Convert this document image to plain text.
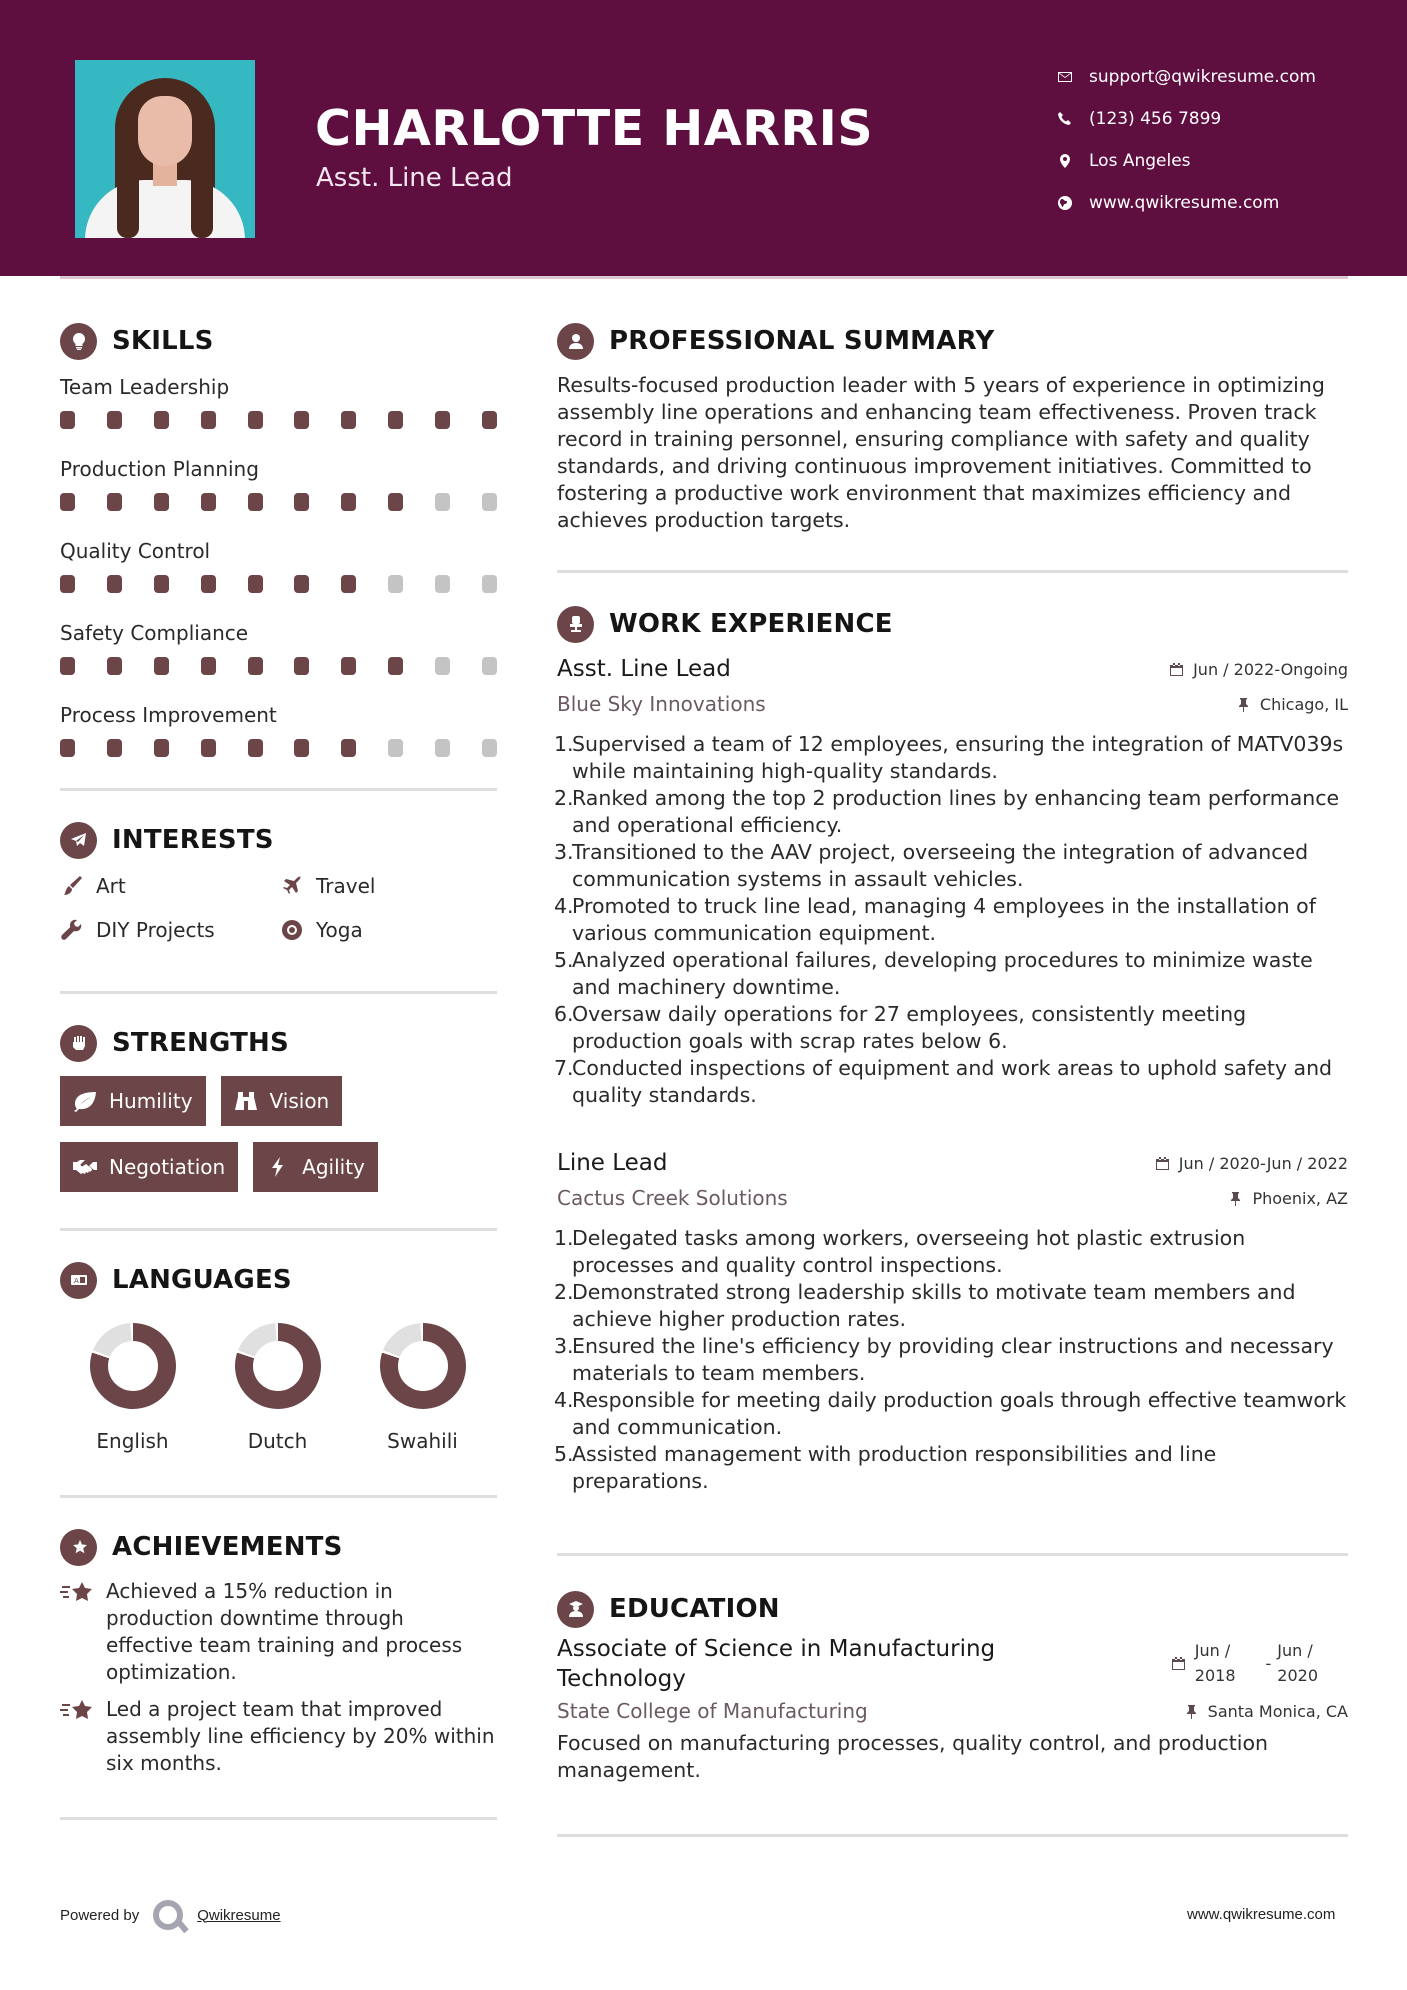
CHARLOTTE HARRIS
Asst. Line Lead
support@qwikresume.com
(123) 456 7899
Los Angeles
www.qwikresume.com
SKILLS
Team Leadership
Production Planning
Quality Control
Safety Compliance
Process Improvement
INTERESTS
Art	Travel
DIY Projects	Yoga
STRENGTHS
Humility	Vision
Negotiation	Agility
A LANGUAGES
English	Dutch	Swahili
ACHIEVEMENTS
Achieved a 15% reduction in production downtime through effective team training and process optimization.
Led a project team that improved assembly line efficiency by 20% within six months.
PROFESSIONAL SUMMARY

Results-focused production leader with 5 years of experience in optimizing assembly line operations and enhancing team effectiveness. Proven track record in training personnel, ensuring compliance with safety and quality standards, and driving continuous improvement initiatives. Committed to fostering a productive work environment that maximizes efficiency and achieves production targets.

WORK EXPERIENCE
Asst. Line Lead	Jun / 2022-Ongoing
Blue Sky Innovations	Chicago, IL
1.
Supervised a team of 12 employees, ensuring the integration of MATV039s while maintaining high-quality standards.
2.
Ranked among the top 2 production lines by enhancing team performance and operational efficiency.
3.
Transitioned to the AAV project, overseeing the integration of advanced communication systems in assault vehicles.
4.
Promoted to truck line lead, managing 4 employees in the installation of various communication equipment.
5.
Analyzed operational failures, developing procedures to minimize waste and machinery downtime.
6.
Oversaw daily operations for 27 employees, consistently meeting production goals with scrap rates below 6.
7.
Conducted inspections of equipment and work areas to uphold safety and quality standards.
Line Lead	Jun / 2020-Jun / 2022
Cactus Creek Solutions	Phoenix, AZ
1.
Delegated tasks among workers, overseeing hot plastic extrusion processes and quality control inspections.
2.
Demonstrated strong leadership skills to motivate team members and achieve higher production rates.
3.
Ensured the line's efficiency by providing clear instructions and necessary materials to team members.
4.
Responsible for meeting daily production goals through effective teamwork and communication.
5.
Assisted management with production responsibilities and line preparations.
EDUCATION
Associate of Science in Manufacturing Technology
Jun /
2018
-
Jun /
2020
State College of Manufacturing	Santa Monica, CA

Focused on manufacturing processes, quality control, and production management.

Powered by	Qwikresume	www.qwikresume.com
